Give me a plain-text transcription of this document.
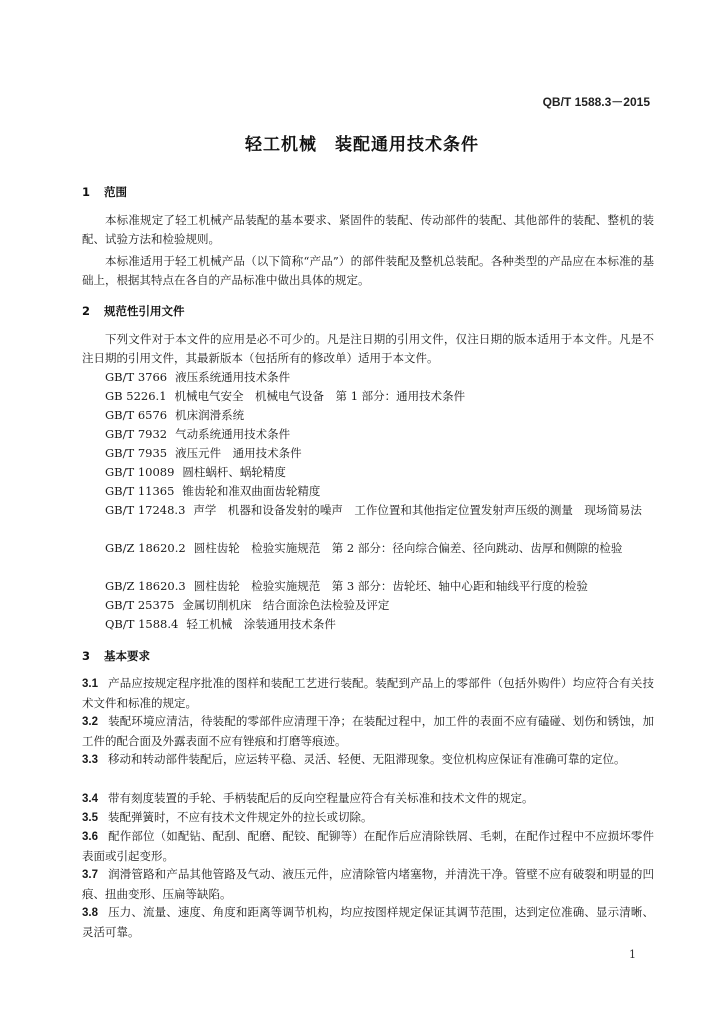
QB/T 1588.3－2015
轻工机械 装配通用技术条件
1 范围
本标准规定了轻工机械产品装配的基本要求、紧固件的装配、传动部件的装配、其他部件的装配、整机的装配、试验方法和检验规则。
本标准适用于轻工机械产品（以下简称“产品”）的部件装配及整机总装配。各种类型的产品应在本标准的基础上，根据其特点在各自的产品标准中做出具体的规定。
2 规范性引用文件
下列文件对于本文件的应用是必不可少的。凡是注日期的引用文件，仅注日期的版本适用于本文件。凡是不注日期的引用文件，其最新版本（包括所有的修改单）适用于本文件。
GB/T 3766 液压系统通用技术条件
GB 5226.1 机械电气安全　机械电气设备　第 1 部分：通用技术条件
GB/T 6576 机床润滑系统
GB/T 7932 气动系统通用技术条件
GB/T 7935 液压元件　通用技术条件
GB/T 10089 圆柱蜗杆、蜗轮精度
GB/T 11365 锥齿轮和准双曲面齿轮精度
GB/T 17248.3 声学　机器和设备发射的噪声　工作位置和其他指定位置发射声压级的测量　现场简易法
GB/Z 18620.2 圆柱齿轮　检验实施规范　第 2 部分：径向综合偏差、径向跳动、齿厚和侧隙的检验
GB/Z 18620.3 圆柱齿轮　检验实施规范　第 3 部分：齿轮坯、轴中心距和轴线平行度的检验
GB/T 25375 金属切削机床　结合面涂色法检验及评定
QB/T 1588.4 轻工机械　涂装通用技术条件
3 基本要求
3.1 产品应按规定程序批准的图样和装配工艺进行装配。装配到产品上的零部件（包括外购件）均应符合有关技术文件和标准的规定。
3.2 装配环境应清洁，待装配的零部件应清理干净；在装配过程中，加工件的表面不应有磕碰、划伤和锈蚀，加工件的配合面及外露表面不应有锉痕和打磨等痕迹。
3.3 移动和转动部件装配后，应运转平稳、灵活、轻便、无阻滞现象。变位机构应保证有准确可靠的定位。
3.4 带有刻度装置的手轮、手柄装配后的反向空程量应符合有关标准和技术文件的规定。
3.5 装配弹簧时，不应有技术文件规定外的拉长或切除。
3.6 配作部位（如配钻、配刮、配磨、配铰、配铆等）在配作后应清除铁屑、毛刺，在配作过程中不应损坏零件表面或引起变形。
3.7 润滑管路和产品其他管路及气动、液压元件，应清除管内堵塞物，并清洗干净。管壁不应有破裂和明显的凹痕、扭曲变形、压扁等缺陷。
3.8 压力、流量、速度、角度和距离等调节机构，均应按图样规定保证其调节范围，达到定位准确、显示清晰、灵活可靠。
1
